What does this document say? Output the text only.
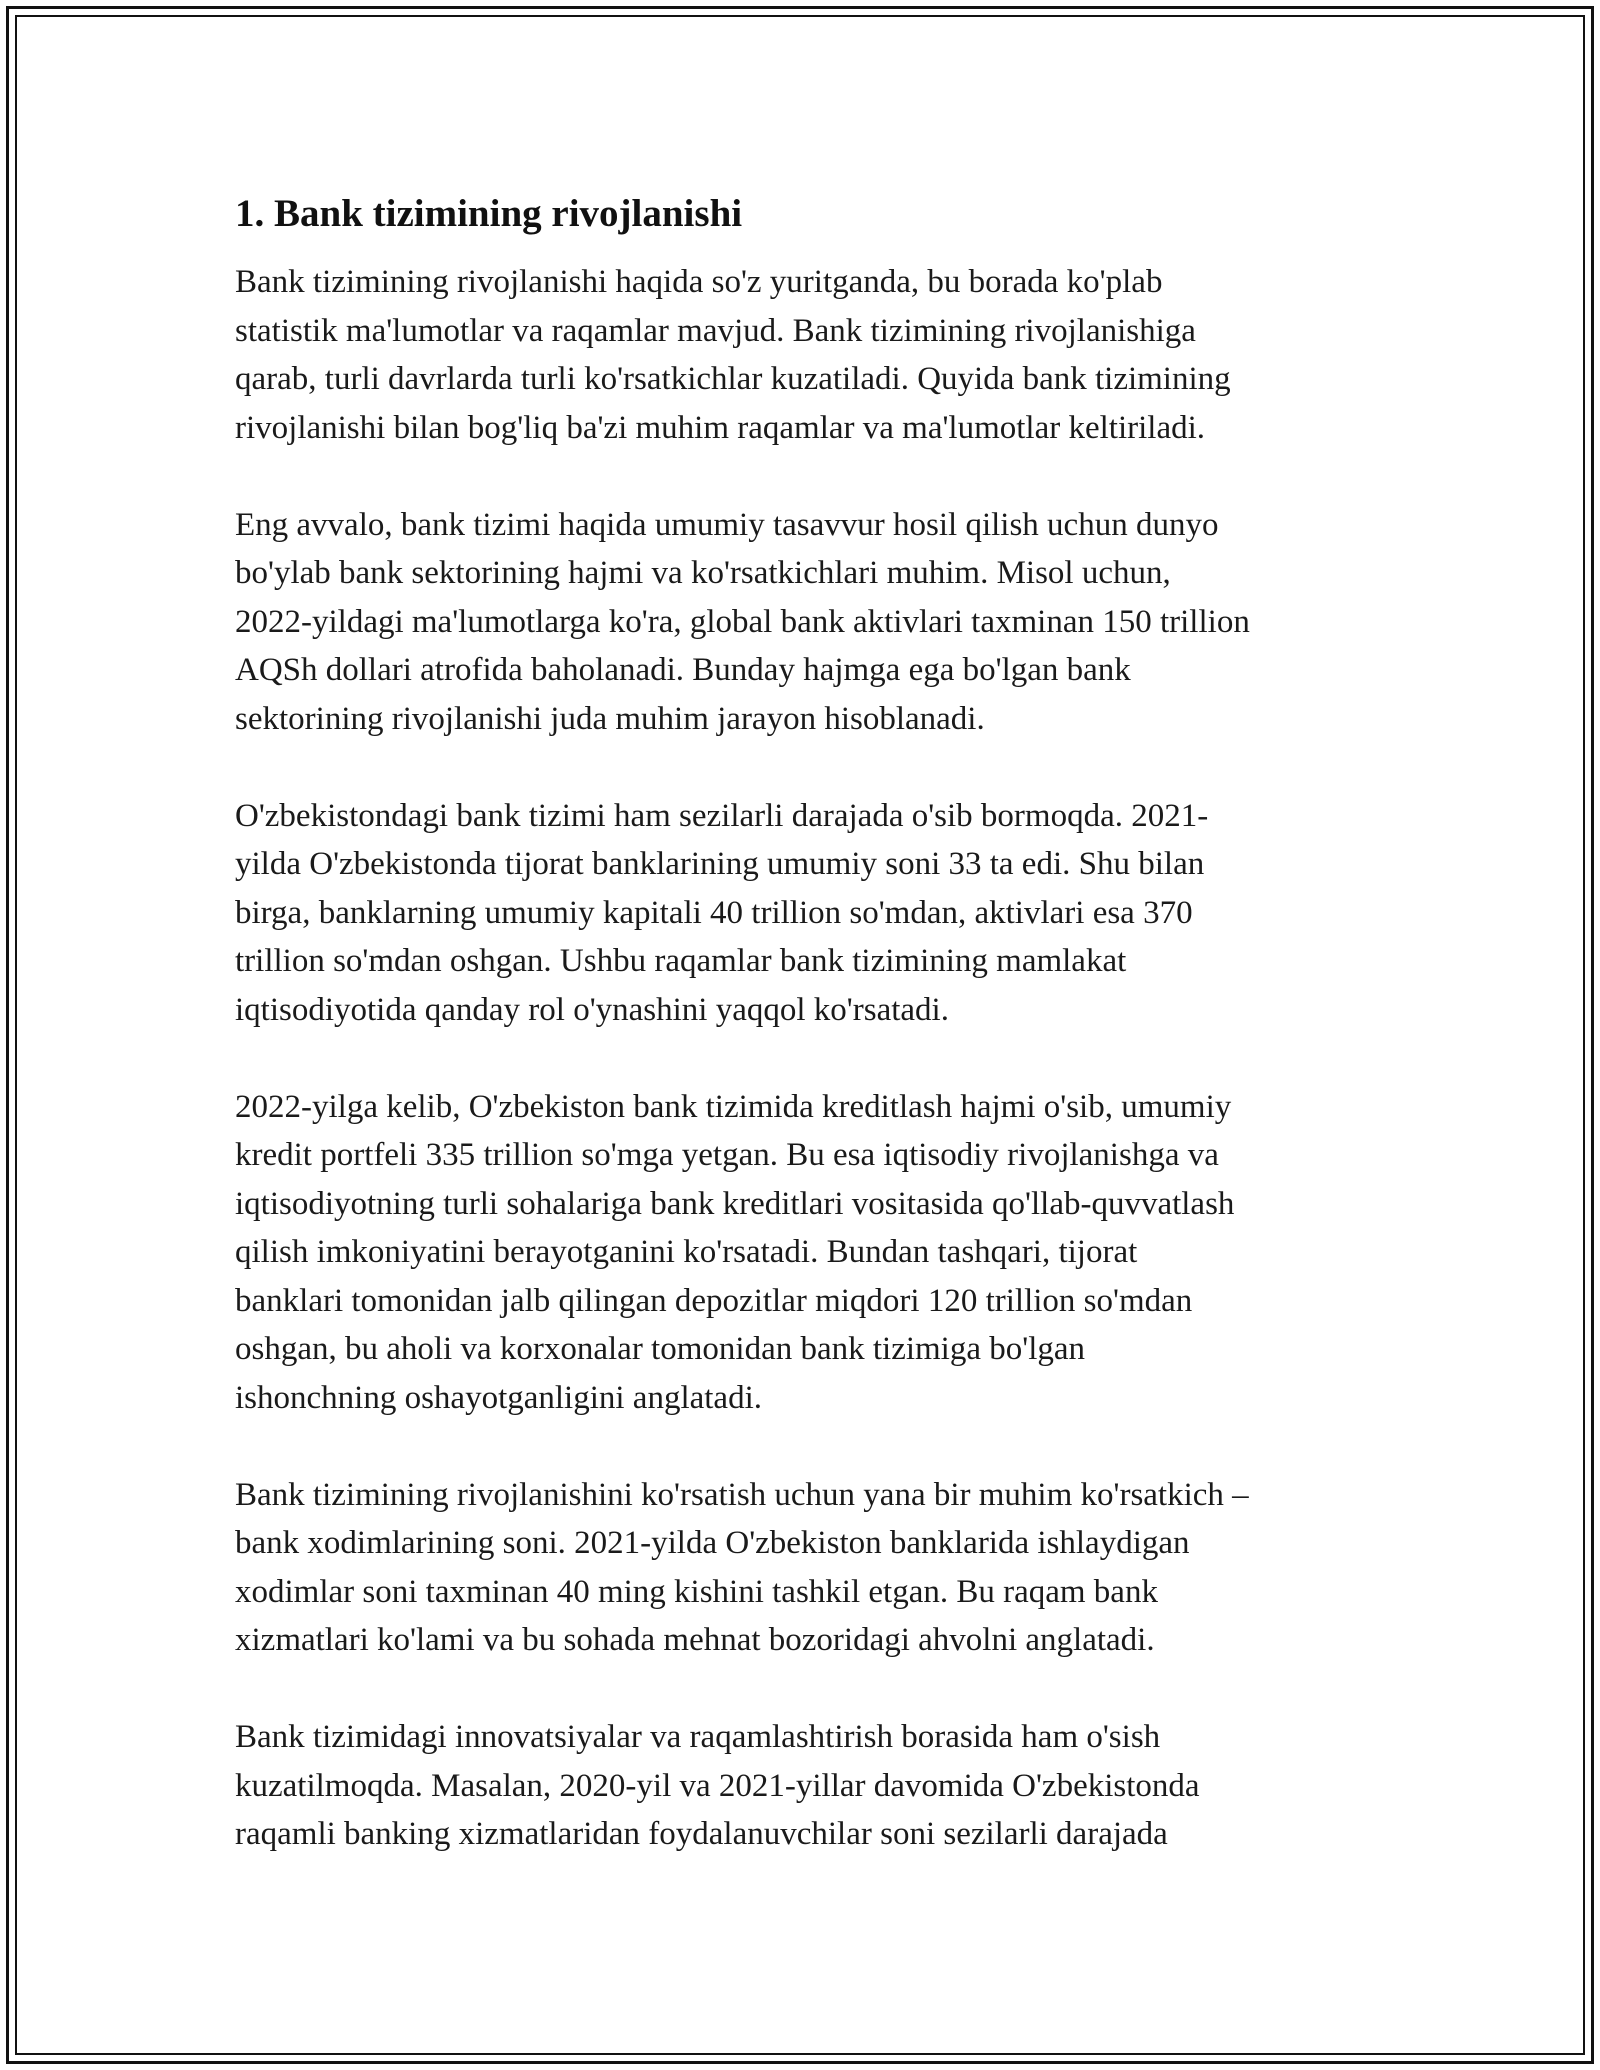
1. Bank tizimining rivojlanishi
Bank tizimining rivojlanishi haqida so'z yuritganda, bu borada ko'plab
statistik ma'lumotlar va raqamlar mavjud. Bank tizimining rivojlanishiga
qarab, turli davrlarda turli ko'rsatkichlar kuzatiladi. Quyida bank tizimining
rivojlanishi bilan bog'liq ba'zi muhim raqamlar va ma'lumotlar keltiriladi.
Eng avvalo, bank tizimi haqida umumiy tasavvur hosil qilish uchun dunyo
bo'ylab bank sektorining hajmi va ko'rsatkichlari muhim. Misol uchun,
2022-yildagi ma'lumotlarga ko'ra, global bank aktivlari taxminan 150 trillion
AQSh dollari atrofida baholanadi. Bunday hajmga ega bo'lgan bank
sektorining rivojlanishi juda muhim jarayon hisoblanadi.
O'zbekistondagi bank tizimi ham sezilarli darajada o'sib bormoqda. 2021-
yilda O'zbekistonda tijorat banklarining umumiy soni 33 ta edi. Shu bilan
birga, banklarning umumiy kapitali 40 trillion so'mdan, aktivlari esa 370
trillion so'mdan oshgan. Ushbu raqamlar bank tizimining mamlakat
iqtisodiyotida qanday rol o'ynashini yaqqol ko'rsatadi.
2022-yilga kelib, O'zbekiston bank tizimida kreditlash hajmi o'sib, umumiy
kredit portfeli 335 trillion so'mga yetgan. Bu esa iqtisodiy rivojlanishga va
iqtisodiyotning turli sohalariga bank kreditlari vositasida qo'llab-quvvatlash
qilish imkoniyatini berayotganini ko'rsatadi. Bundan tashqari, tijorat
banklari tomonidan jalb qilingan depozitlar miqdori 120 trillion so'mdan
oshgan, bu aholi va korxonalar tomonidan bank tizimiga bo'lgan
ishonchning oshayotganligini anglatadi.
Bank tizimining rivojlanishini ko'rsatish uchun yana bir muhim ko'rsatkich –
bank xodimlarining soni. 2021-yilda O'zbekiston banklarida ishlaydigan
xodimlar soni taxminan 40 ming kishini tashkil etgan. Bu raqam bank
xizmatlari ko'lami va bu sohada mehnat bozoridagi ahvolni anglatadi.
Bank tizimidagi innovatsiyalar va raqamlashtirish borasida ham o'sish
kuzatilmoqda. Masalan, 2020-yil va 2021-yillar davomida O'zbekistonda
raqamli banking xizmatlaridan foydalanuvchilar soni sezilarli darajada
